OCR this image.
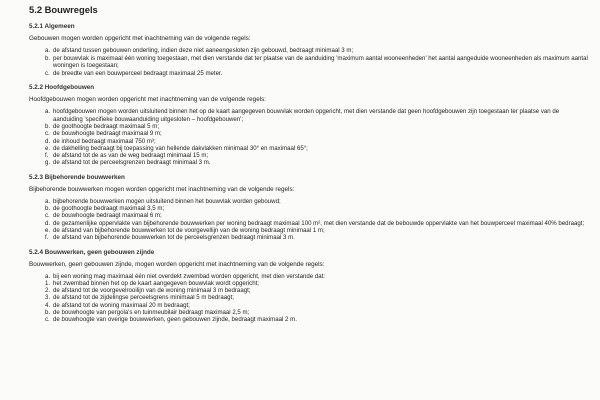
5.2 Bouwregels
5.2.1 Algemeen

Gebouwen mogen worden opgericht met inachtneming van de volgende regels:

a. de afstand tussen gebouwen onderling, indien deze niet aaneengesloten zijn gebouwd, bedraagt minimaal 3 m;
b. per bouwvlak is maximaal één woning toegestaan, met dien verstande dat ter plaatse van de aanduiding 'maximum aantal wooneenheden' het aantal aangeduide wooneenheden als maximum aantal woningen is toegestaan;
c. de breedte van een bouwperceel bedraagt maximaal 25 meter.
5.2.2 Hoofdgebouwen

Hoofdgebouwen mogen worden opgericht met inachtneming van de volgende regels:

a. hoofdgebouwen mogen worden uitsluitend binnen het op de kaart aangegeven bouwvlak worden opgericht, met dien verstande dat geen hoofdgebouwen zijn toegestaan ter plaatse van de aanduiding 'specifieke bouwaanduiding uitgesloten – hoofdgebouwen';
b. de goothoogte bedraagt maximaal 5 m;
c. de bouwhoogte bedraagt maximaal 9 m;
d. de inhoud bedraagt maximaal 750 m³;
e. de dakhelling bedraagt bij toepassing van hellende dakvlakken minimaal 30° en maximaal 65°;
f. de afstand tot de as van de weg bedraagt minimaal 15 m;
g. de afstand tot de perceelsgrenzen bedraagt minimaal 3 m.
5.2.3 Bijbehorende bouwwerken

Bijbehorende bouwwerken mogen worden opgericht met inachtneming van de volgende regels:

a. bijbehorende bouwwerken mogen uitsluitend binnen het bouwvlak worden gebouwd;
b. de goothoogte bedraagt maximaal 3,5 m;
c. de bouwhoogte bedraagt maximaal 6 m;
d. de gezamenlijke oppervlakte van bijbehorende bouwwerken per woning bedraagt maximaal 100 m², met dien verstande dat de bebouwde oppervlakte van het bouwperceel maximaal 40% bedraagt;
e. de afstand van bijbehorende bouwwerken tot de voorgevellijn van de woning bedraagt minimaal 1 m;
f. de afstand van bijbehorende bouwwerken tot de perceelsgrenzen bedraagt minimaal 3 m.
5.2.4 Bouwwerken, geen gebouwen zijnde

Bouwwerken, geen gebouwen zijnde, mogen worden opgericht met inachtneming van de volgende regels:

a. bij een woning mag maximaal één niet overdekt zwembad worden opgericht, met dien verstande dat:
1. het zwembad binnen het op de kaart aangegeven bouwvlak wordt opgericht;
2. de afstand tot de voorgevelrooilijn van de woning minimaal 3 m bedraagt;
3. de afstand tot de zijdelingse perceelsgrens minimaal 5 m bedraagt;
4. de afstand tot de woning maximaal 20 m bedraagt;
b. de bouwhoogte van pergola's en tuinmeubilair bedraagt maximaal 2,5 m;
c. de bouwhoogte van overige bouwwerken, geen gebouwen zijnde, bedraagt maximaal 2 m.
